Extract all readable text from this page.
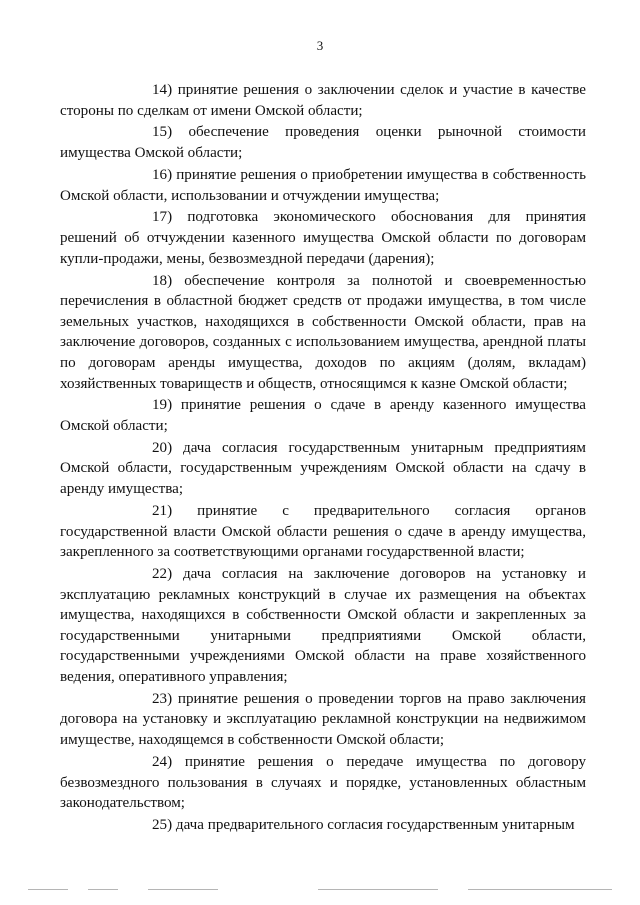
3

14) принятие решения о заключении сделок и участие в качестве стороны по сделкам от имени Омской области;

15) обеспечение проведения оценки рыночной стоимости имущества Омской области;

16) принятие решения о приобретении имущества в собственность Омской области, использовании и отчуждении имущества;

17) подготовка экономического обоснования для принятия решений об отчуждении казенного имущества Омской области по договорам купли-продажи, мены, безвозмездной передачи (дарения);

18) обеспечение контроля за полнотой и своевременностью перечисления в областной бюджет средств от продажи имущества, в том числе земельных участков, находящихся в собственности Омской области, прав на заключение договоров, созданных с использованием имущества, арендной платы по договорам аренды имущества, доходов по акциям (долям, вкладам) хозяйственных товариществ и обществ, относящимся к казне Омской области;

19) принятие решения о сдаче в аренду казенного имущества Омской области;

20) дача согласия государственным унитарным предприятиям Омской области, государственным учреждениям Омской области на сдачу в аренду имущества;

21) принятие с предварительного согласия органов государственной власти Омской области решения о сдаче в аренду имущества, закрепленного за соответствующими органами государственной власти;

22) дача согласия на заключение договоров на установку и эксплуатацию рекламных конструкций в случае их размещения на объектах имущества, находящихся в собственности Омской области и закрепленных за государственными унитарными предприятиями Омской области, государственными учреждениями Омской области на праве хозяйственного ведения, оперативного управления;

23) принятие решения о проведении торгов на право заключения договора на установку и эксплуатацию рекламной конструкции на недвижимом имуществе, находящемся в собственности Омской области;

24) принятие решения о передаче имущества по договору безвозмездного пользования в случаях и порядке, установленных областным законодательством;

25) дача предварительного согласия государственным унитарным
